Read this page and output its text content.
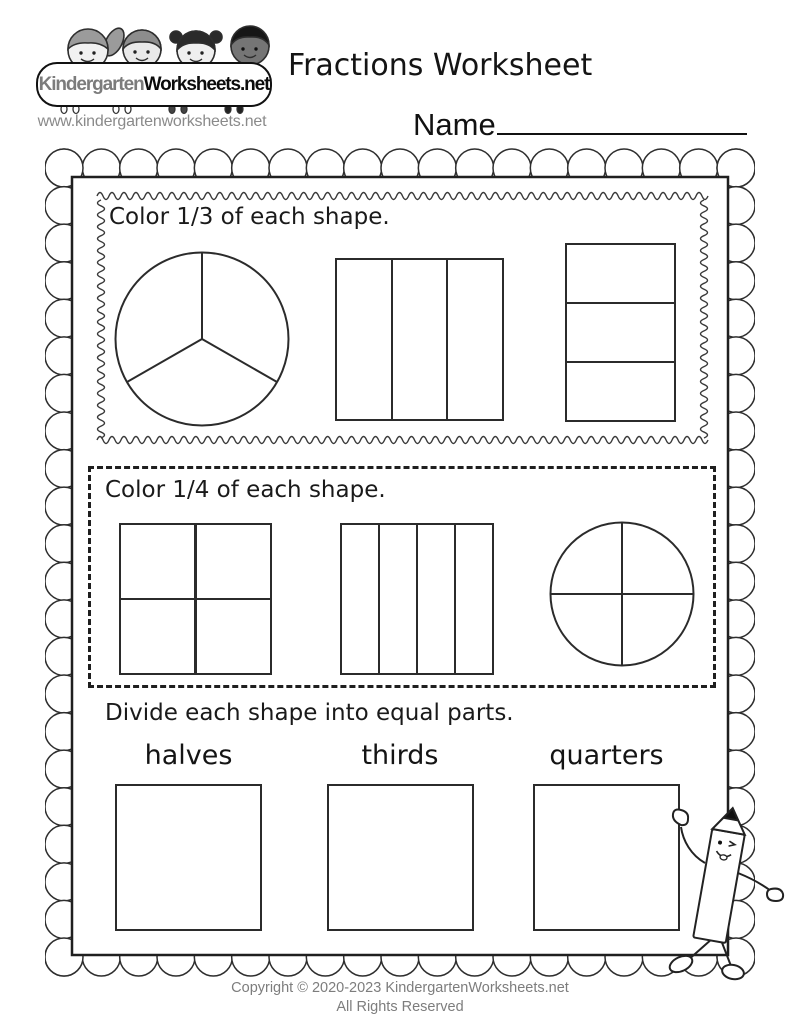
Kindergarten Worksheets.net
www.kindergartenworksheets.net
Fractions Worksheet
Name
Color 1/3 of each shape.
Color 1/4 of each shape.
Divide each shape into equal parts.
halves	thirds	quarters
Copyright © 2020-2023 KindergartenWorksheets.net
All Rights Reserved
